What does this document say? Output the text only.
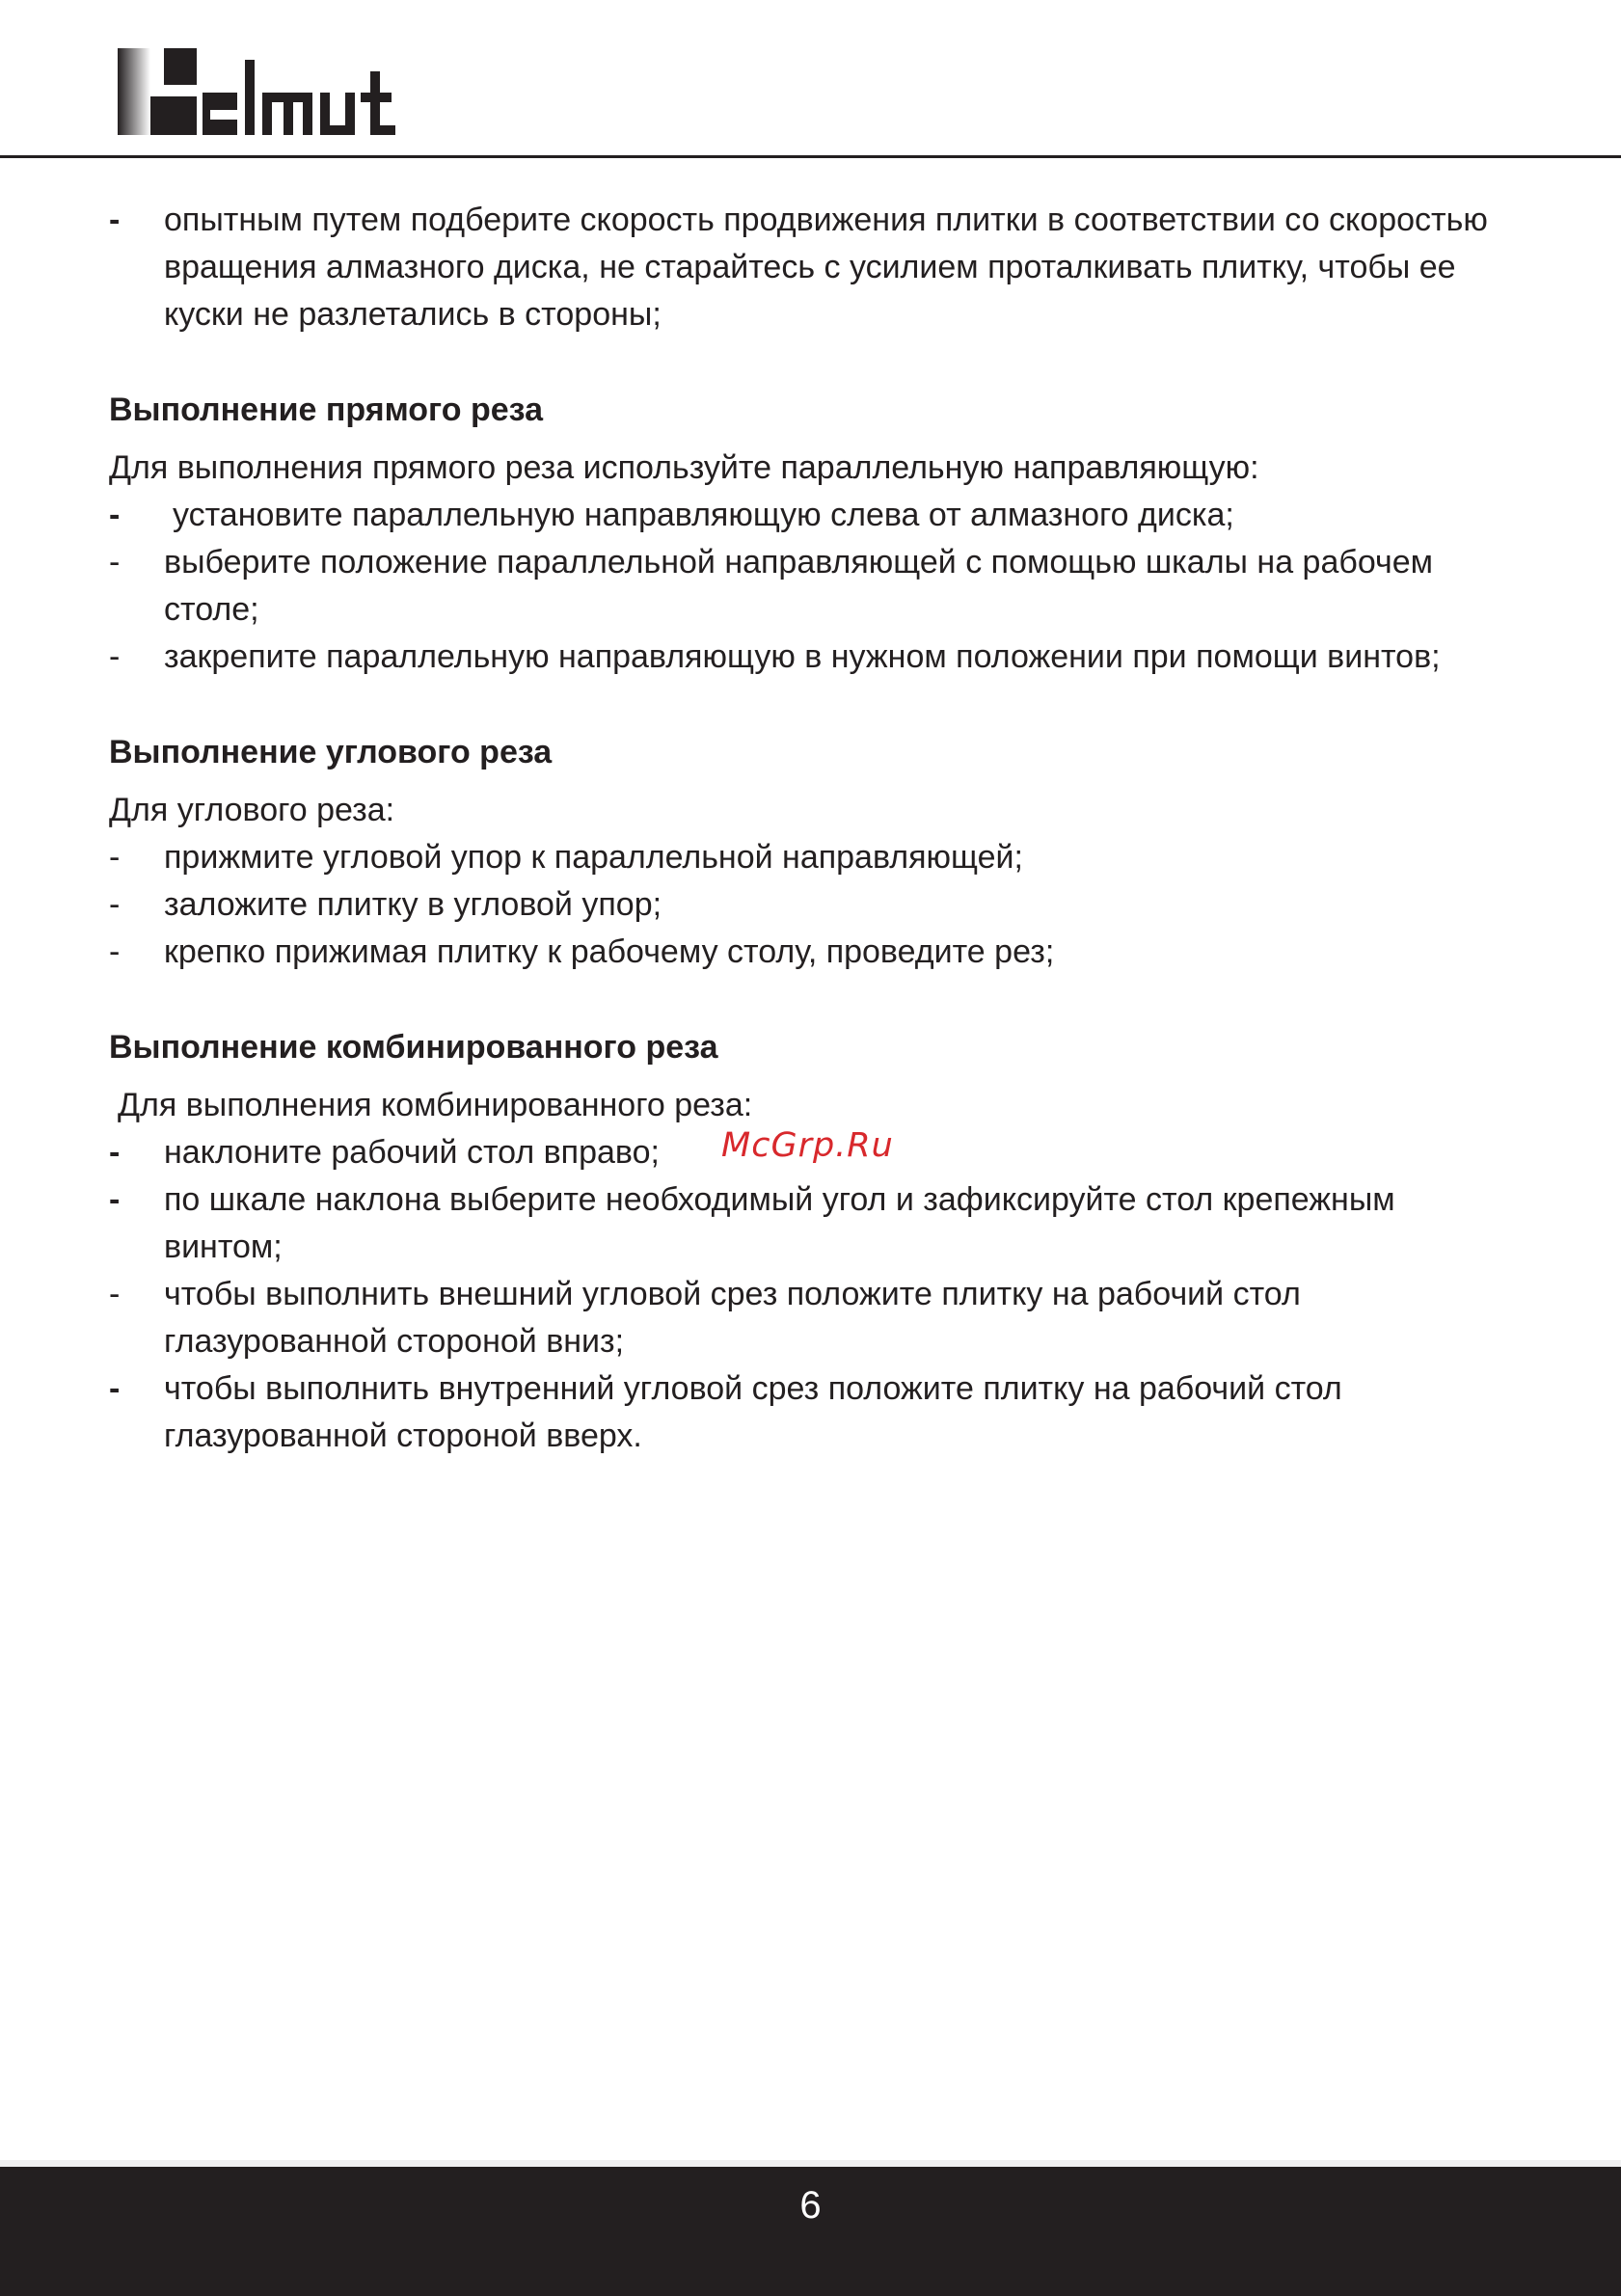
- опытным путем подберите скорость продвижения плитки в соответствии со скоростью вращения алмазного диска, не старайтесь с усилием проталкивать плитку, чтобы ее куски не разлетались в стороны;

Выполнение прямого реза

Для выполнения прямого реза используйте параллельную направляющую:

- установите параллельную направляющую слева от алмазного диска;

- выберите положение параллельной направляющей с помощью шкалы на рабочем столе;

- закрепите параллельную направляющую в нужном положении при помощи винтов;

Выполнение углового реза

Для углового реза:

- прижмите угловой упор к параллельной направляющей;

- заложите плитку в угловой упор;

- крепко прижимая плитку к рабочему столу, проведите рез;

Выполнение комбинированного реза

Для выполнения комбинированного реза:

- наклоните рабочий стол вправо;

- по шкале наклона выберите необходимый угол и зафиксируйте стол крепежным винтом;

- чтобы выполнить внешний угловой срез положите плитку на рабочий стол глазурованной стороной вниз;

- чтобы выполнить внутренний угловой срез положите плитку на рабочий стол глазурованной стороной вверх.

McGrp.Ru
6
